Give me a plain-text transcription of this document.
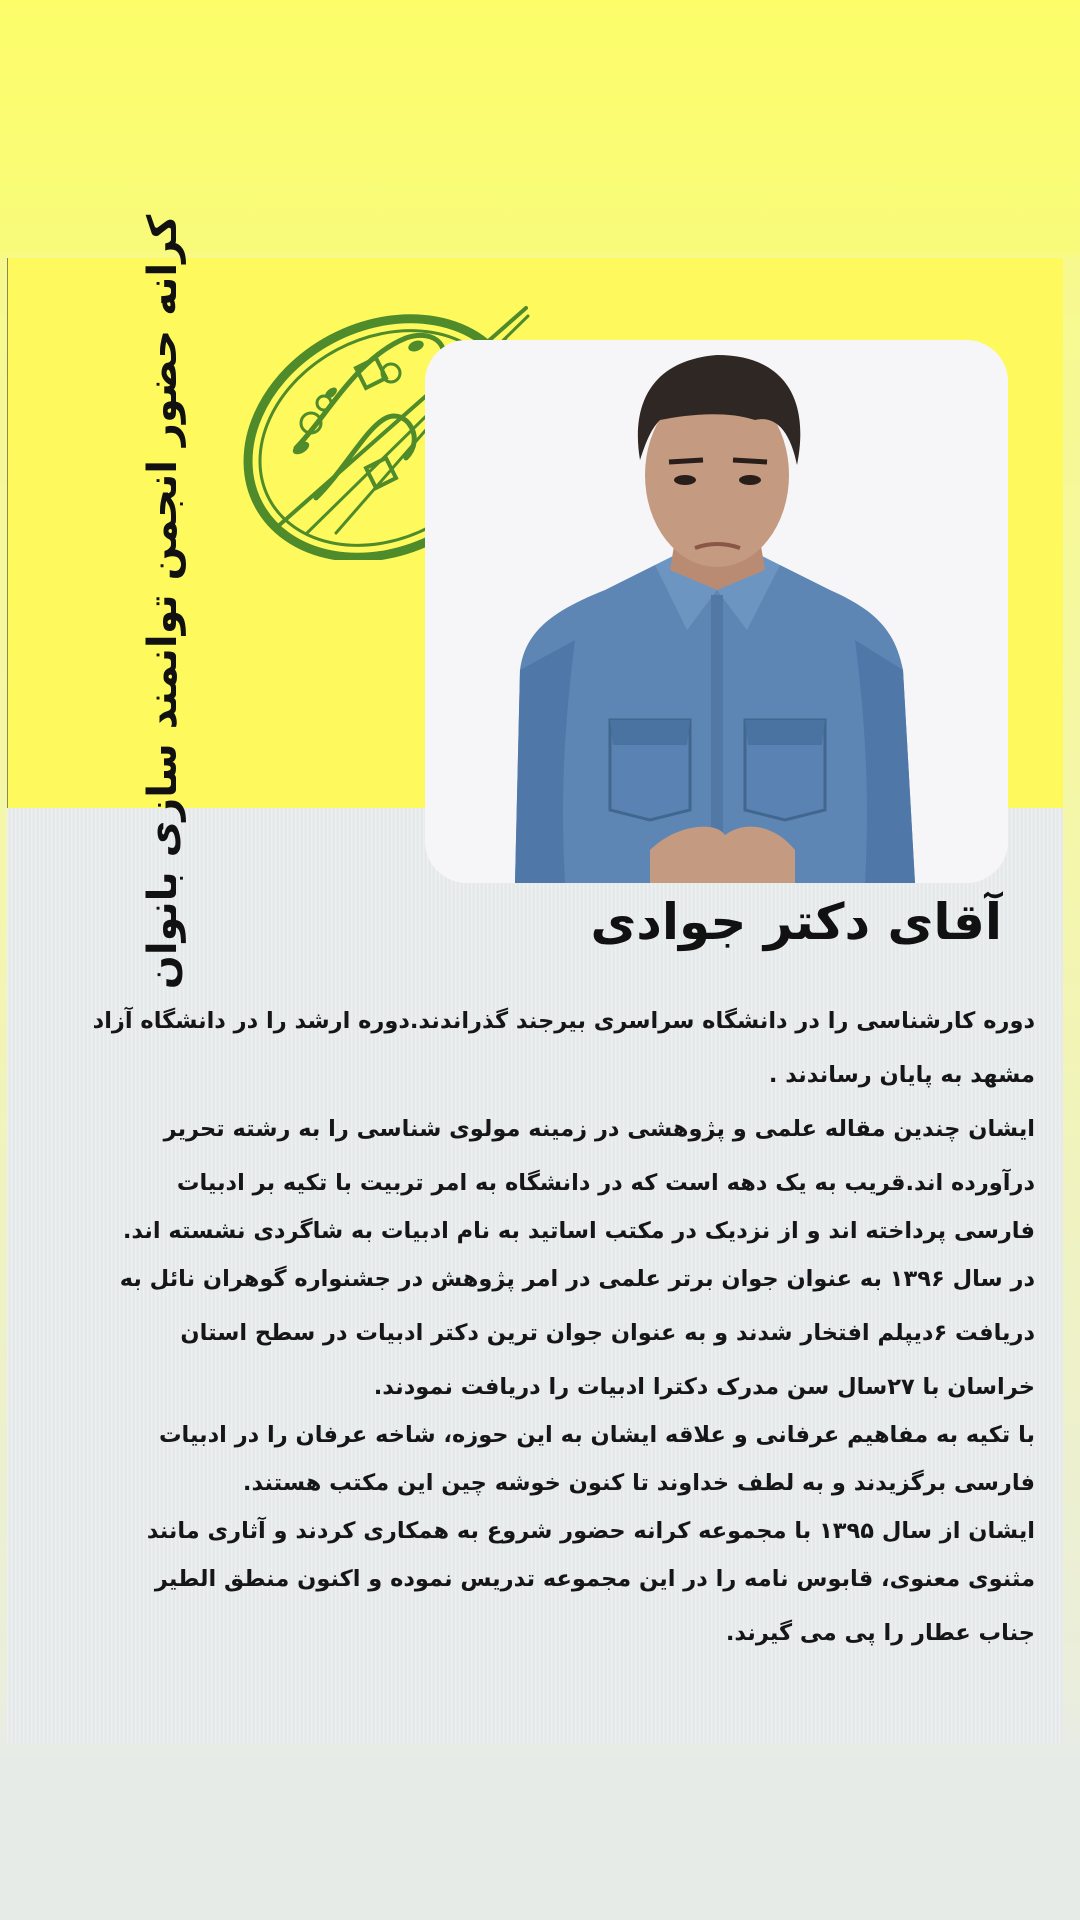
کرانه حضور انجمن توانمند سازی بانوان	آقای دکتر جوادی

دوره کارشناسی را در دانشگاه سراسری بیرجند گذراندند.دوره ارشد را در دانشگاه آزاد
مشهد به پایان رساندند .
ایشان چندین مقاله علمی و پژوهشی در زمینه مولوی شناسی را به رشته تحریر
درآورده اند.قریب به یک دهه است که در دانشگاه به امر تربیت با تکیه بر ادبیات
فارسی پرداخته اند و از نزدیک در مکتب اساتید به نام ادبیات به شاگردی نشسته اند.
در سال ۱۳۹۶ به عنوان جوان برتر علمی در امر پژوهش در جشنواره گوهران نائل به
دریافت ۶دیپلم افتخار شدند و به عنوان جوان ترین دکتر ادبیات در سطح استان
خراسان با ۲۷سال سن مدرک دکترا ادبیات را دریافت نمودند.
با تکیه به مفاهیم عرفانی و علاقه ایشان به این حوزه، شاخه عرفان را در ادبیات
فارسی برگزیدند و به لطف خداوند تا کنون خوشه چین این مکتب هستند.
ایشان از سال ۱۳۹۵ با مجموعه کرانه حضور شروع به همکاری کردند و آثاری مانند
مثنوی معنوی، قابوس نامه را در این مجموعه تدریس نموده و اکنون منطق الطیر
جناب عطار را پی می گیرند.
